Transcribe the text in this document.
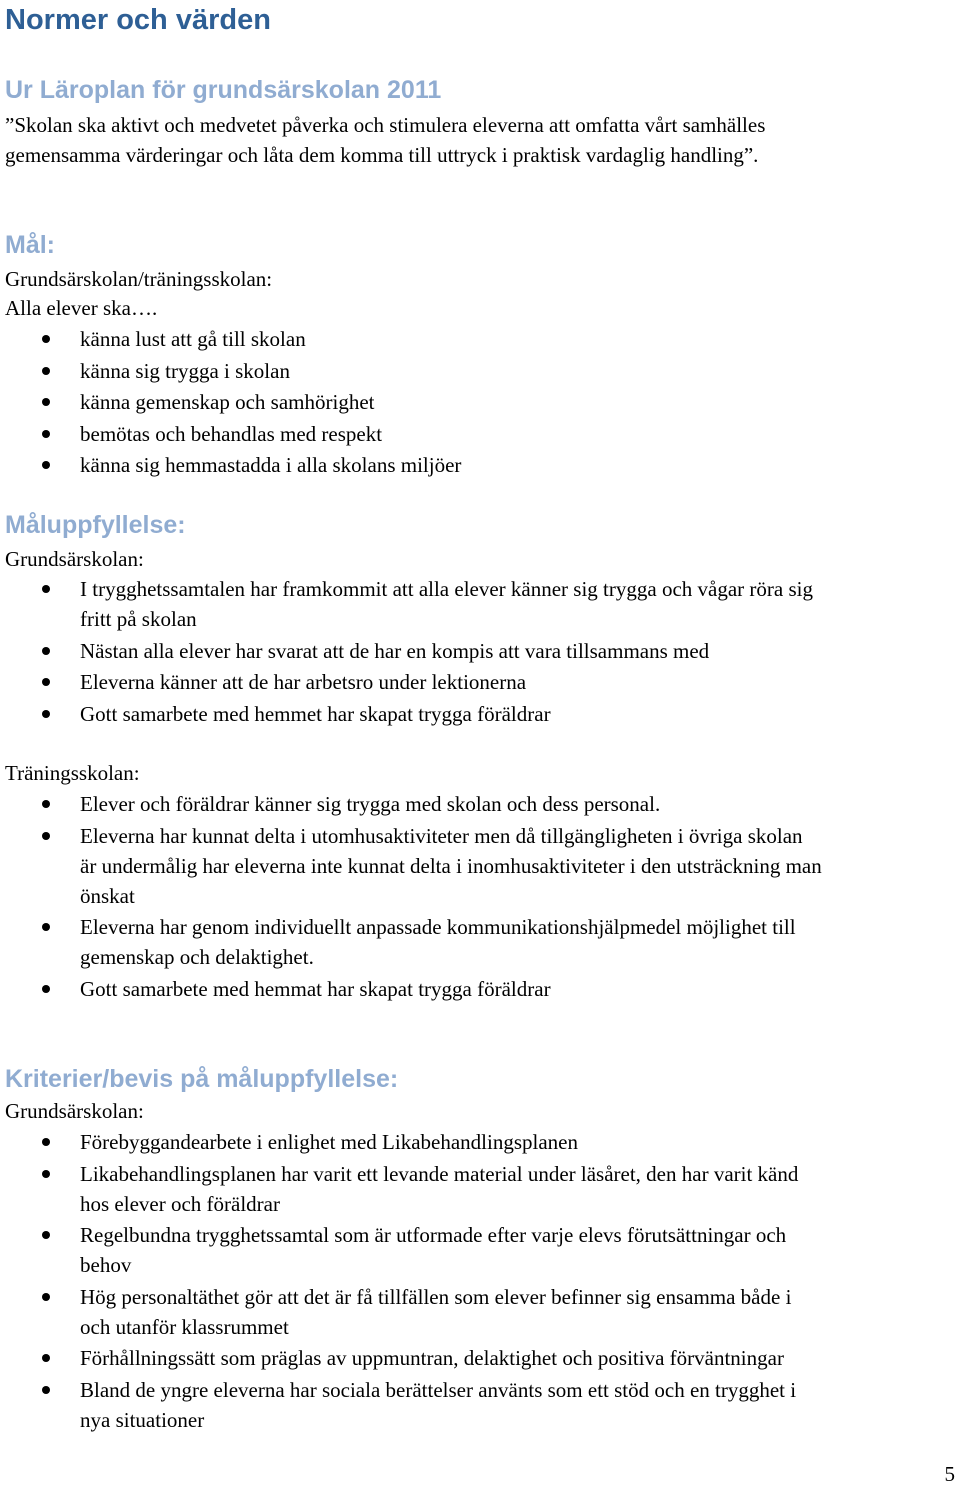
Normer och värden
Ur Läroplan för grundsärskolan 2011
”Skolan ska aktivt och medvetet påverka och stimulera eleverna att omfatta vårt samhälles
gemensamma värderingar och låta dem komma till uttryck i praktisk vardaglig handling”.
Mål:
Grundsärskolan/träningsskolan:
Alla elever ska….
känna lust att gå till skolan
känna sig trygga i skolan
känna gemenskap och samhörighet
bemötas och behandlas med respekt
känna sig hemmastadda i alla skolans miljöer
Måluppfyllelse:
Grundsärskolan:
I trygghetssamtalen har framkommit att alla elever känner sig trygga och vågar röra sig
fritt på skolan
Nästan alla elever har svarat att de har en kompis att vara tillsammans med
Eleverna känner att de har arbetsro under lektionerna
Gott samarbete med hemmet har skapat trygga föräldrar
Träningsskolan:
Elever och föräldrar känner sig trygga med skolan och dess personal.
Eleverna har kunnat delta i utomhusaktiviteter men då tillgängligheten i övriga skolan
är undermålig har eleverna inte kunnat delta i inomhusaktiviteter i den utsträckning man
önskat
Eleverna har genom individuellt anpassade kommunikationshjälpmedel möjlighet till
gemenskap och delaktighet.
Gott samarbete med hemmat har skapat trygga föräldrar
Kriterier/bevis på måluppfyllelse:
Grundsärskolan:
Förebyggandearbete i enlighet med Likabehandlingsplanen
Likabehandlingsplanen har varit ett levande material under läsåret, den har varit känd
hos elever och föräldrar
Regelbundna trygghetssamtal som är utformade efter varje elevs förutsättningar och
behov
Hög personaltäthet gör att det är få tillfällen som elever befinner sig ensamma både i
och utanför klassrummet
Förhållningssätt som präglas av uppmuntran, delaktighet och positiva förväntningar
Bland de yngre eleverna har sociala berättelser använts som ett stöd och en trygghet i
nya situationer
5
